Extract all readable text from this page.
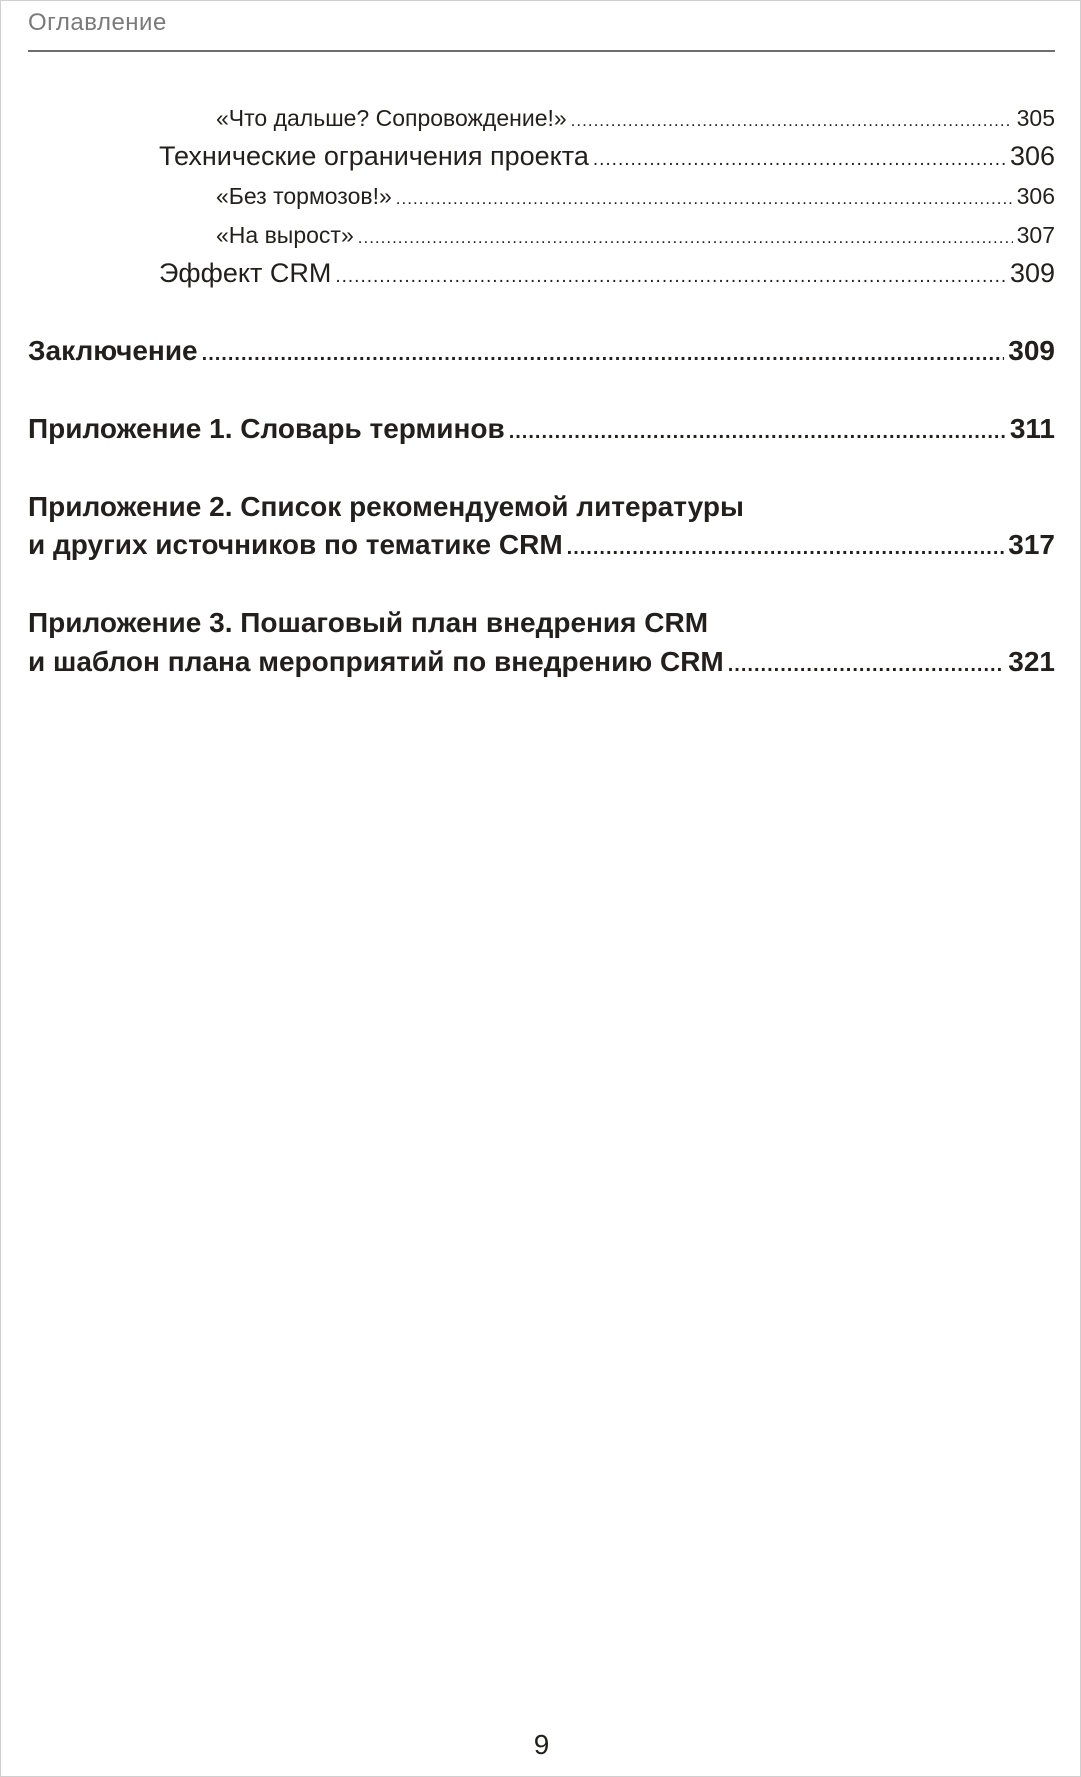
Оглавление
«Что дальше? Сопровождение!» .....	305
Технические ограничения проекта .....	306
«Без тормозов!» .....	306
«На вырост» .....	307
Эффект CRM .....	309
Заключение .....	309
Приложение 1. Словарь терминов .....	311
Приложение 2. Список рекомендуемой литературы
и других источников по тематике CRM .....	317
Приложение 3. Пошаговый план внедрения CRM
и шаблон плана мероприятий по внедрению CRM .....	321
9
